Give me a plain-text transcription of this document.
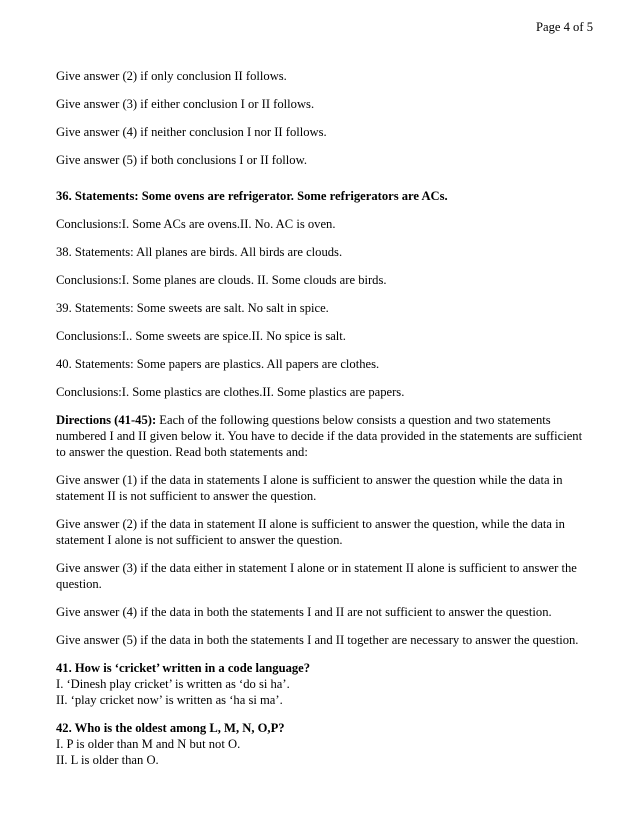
Page 4 of 5

Give answer (2) if only conclusion II follows.

Give answer (3) if either conclusion I or II follows.

Give answer (4) if neither conclusion I nor II follows.

Give answer (5) if both conclusions I or II follow.

36. Statements: Some ovens are refrigerator. Some refrigerators are ACs.

Conclusions:I. Some ACs are ovens.II. No. AC is oven.

38. Statements: All planes are birds. All birds are clouds.

Conclusions:I. Some planes are clouds. II. Some clouds are birds.

39. Statements: Some sweets are salt. No salt in spice.

Conclusions:I.. Some sweets are spice.II. No spice is salt.

40. Statements: Some papers are plastics. All papers are clothes.

Conclusions:I. Some plastics are clothes.II. Some plastics are papers.

Directions (41-45): Each of the following questions below consists a question and two statements numbered I and II given below it. You have to decide if the data provided in the statements are sufficient to answer the question. Read both statements and:

Give answer (1) if the data in statements I alone is sufficient to answer the question while the data in statement II is not sufficient to answer the question.

Give answer (2) if the data in statement II alone is sufficient to answer the question, while the data in statement I alone is not sufficient to answer the question.

Give answer (3) if the data either in statement I alone or in statement II alone is sufficient to answer the question.

Give answer (4) if the data in both the statements I and II are not sufficient to answer the question.

Give answer (5) if the data in both the statements I and II together are necessary to answer the question.

41. How is ‘cricket’ written in a code language?
I. ‘Dinesh play cricket’ is written as ‘do si ha’.
II. ‘play cricket now’ is written as ‘ha si ma’.
42. Who is the oldest among L, M, N, O,P?
I. P is older than M and N but not O.
II. L is older than O.
